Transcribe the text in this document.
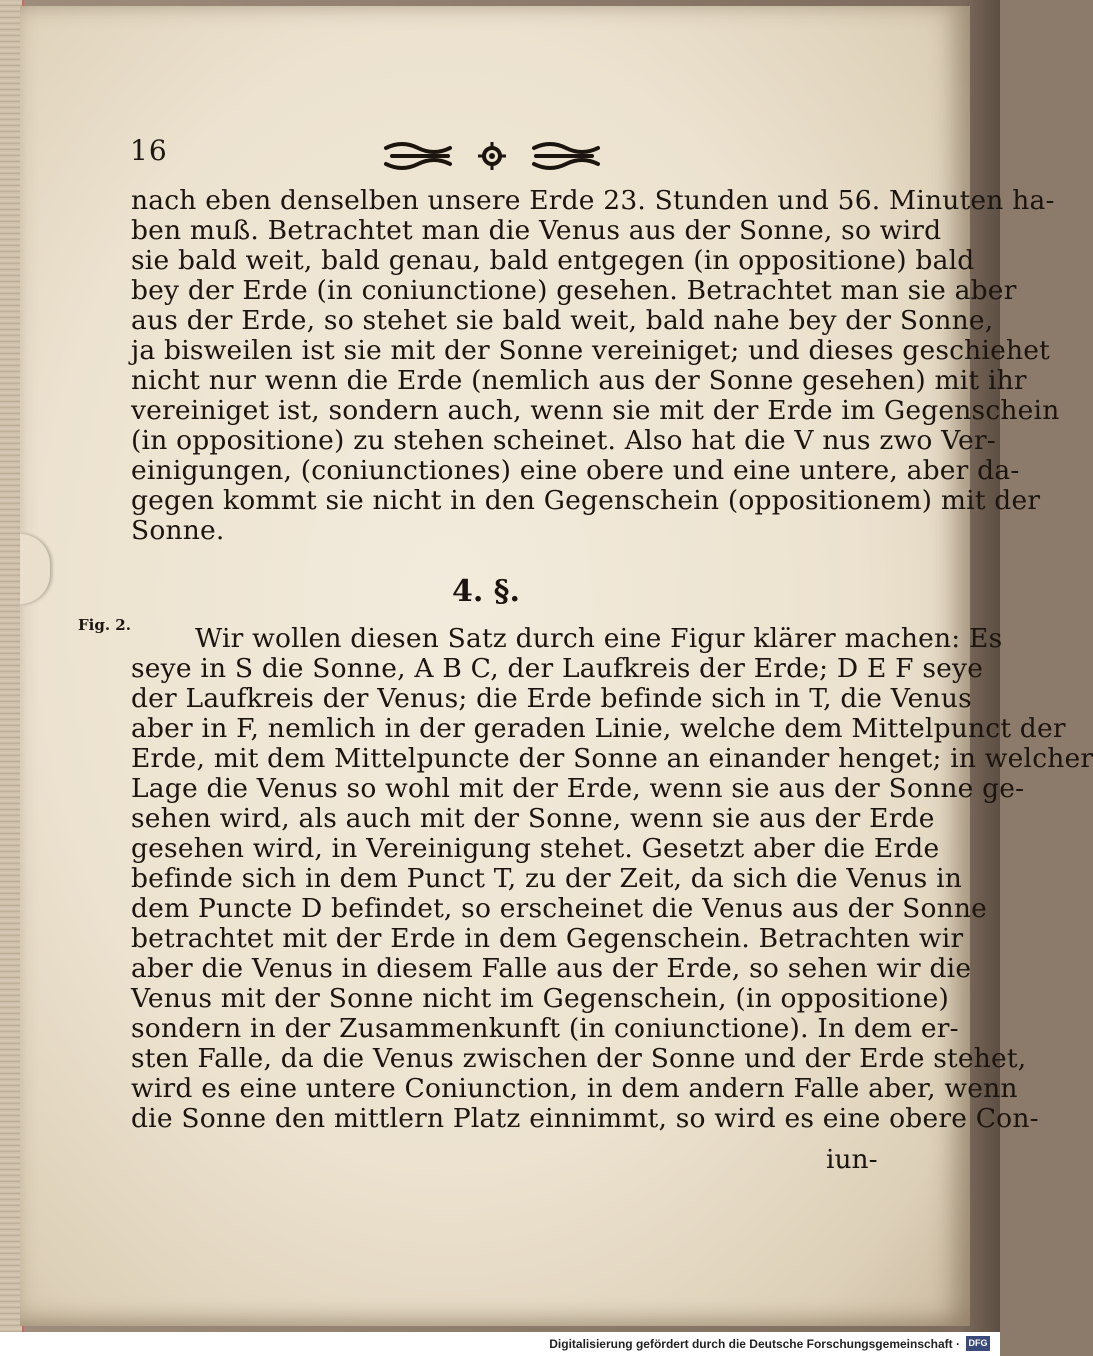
16
nach eben denselben unsere Erde 23. Stunden und 56. Minuten ha-
ben muß. Betrachtet man die Venus aus der Sonne, so wird
sie bald weit, bald genau, bald entgegen (in oppositione) bald
bey der Erde (in coniunctione) gesehen. Betrachtet man sie aber
aus der Erde, so stehet sie bald weit, bald nahe bey der Sonne,
ja bisweilen ist sie mit der Sonne vereiniget; und dieses geschiehet
nicht nur wenn die Erde (nemlich aus der Sonne gesehen) mit ihr
vereiniget ist, sondern auch, wenn sie mit der Erde im Gegenschein
(in oppositione) zu stehen scheinet. Also hat die V nus zwo Ver-
einigungen, (coniunctiones) eine obere und eine untere, aber da-
gegen kommt sie nicht in den Gegenschein (oppositionem) mit der
Sonne.
4. §.
Fig. 2.	Wir wollen diesen Satz durch eine Figur klärer machen: Es
seye in S die Sonne, A B C, der Laufkreis der Erde; D E F seye
der Laufkreis der Venus; die Erde befinde sich in T, die Venus
aber in F, nemlich in der geraden Linie, welche dem Mittelpunct der
Erde, mit dem Mittelpuncte der Sonne an einander henget; in welcher
Lage die Venus so wohl mit der Erde, wenn sie aus der Sonne ge-
sehen wird, als auch mit der Sonne, wenn sie aus der Erde
gesehen wird, in Vereinigung stehet. Gesetzt aber die Erde
befinde sich in dem Punct T, zu der Zeit, da sich die Venus in
dem Puncte D befindet, so erscheinet die Venus aus der Sonne
betrachtet mit der Erde in dem Gegenschein. Betrachten wir
aber die Venus in diesem Falle aus der Erde, so sehen wir die
Venus mit der Sonne nicht im Gegenschein, (in oppositione)
sondern in der Zusammenkunft (in coniunctione). In dem er-
sten Falle, da die Venus zwischen der Sonne und der Erde stehet,
wird es eine untere Coniunction, in dem andern Falle aber, wenn
die Sonne den mittlern Platz einnimmt, so wird es eine obere Con-
iun-
Digitalisierung gefördert durch die Deutsche Forschungsgemeinschaft · DFG
